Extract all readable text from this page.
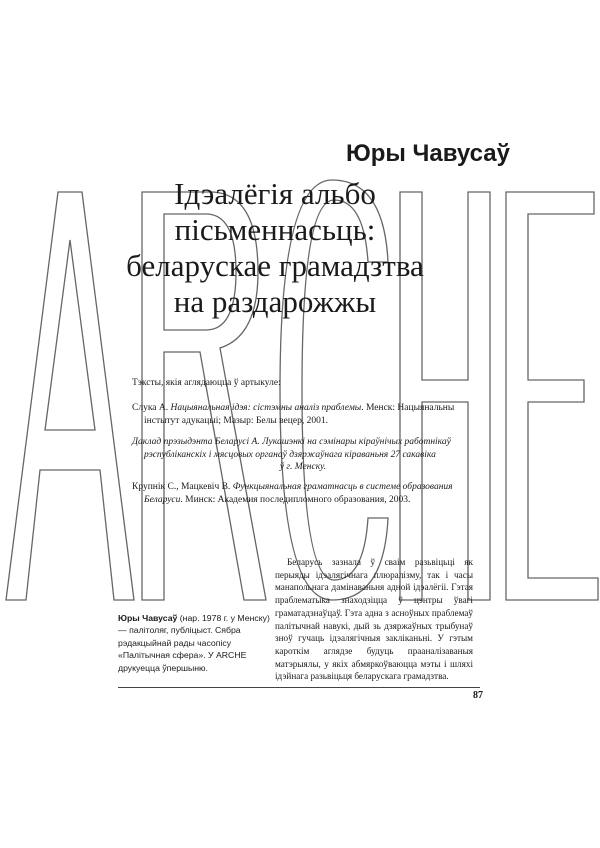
Юры Чавусаў
Ідэалёгія альбо
пісьменнасьць:
беларускае грамадзтва
на раздарожжы
Тэксты, якія аглядаюцца ў артыкуле:
Слука А. Нацыянальная ідэя: сістэмны аналіз праблемы. Менск: Нацыянальны
інстытут адукацыі; Мазыр: Белы вецер, 2001.
Даклад прэзыдэнта Беларусі А. Лукашэнкі на сэмінары кіраўнічых работнікаў
рэспубліканскіх і мясцовых органаў дзяржаўнага кіраваньня 27 сакавіка
ў г. Менску.
Крупнік С., Мацкевіч В. Функцыянальная граматнасць в системе образования
Беларуси. Минск: Академия последипломного образования, 2003.
Беларусь зазнала ў сваім разьвіцьці як перыяды ідэалягічнага плюралізму, так і часы манапольнага дамінаваньня адной ідэалёгіі. Гэтая праблематыка знаходзіцца ў цэнтры ўвагі граматадзнаўцаў. Гэта адна з асноўных праблемаў палітычнай навукі, дый зь дзяржаўных трыбунаў зноў гучаць ідэалягічныя закліканьні. У гэтым кароткім аглядзе будуць прааналізаваныя матэрыялы, у якіх абмяркоўваюцца мэты і шляхі ідэйнага разьвіцьця беларускага грамадзтва.
Юры Чавусаў (нар. 1978 г. у Менску) — палітоляг, публіцыст. Сябра рэдакцыйнай рады часопісу «Палітычная сфера». У ARCHE друкуецца ўпершыню.
87
